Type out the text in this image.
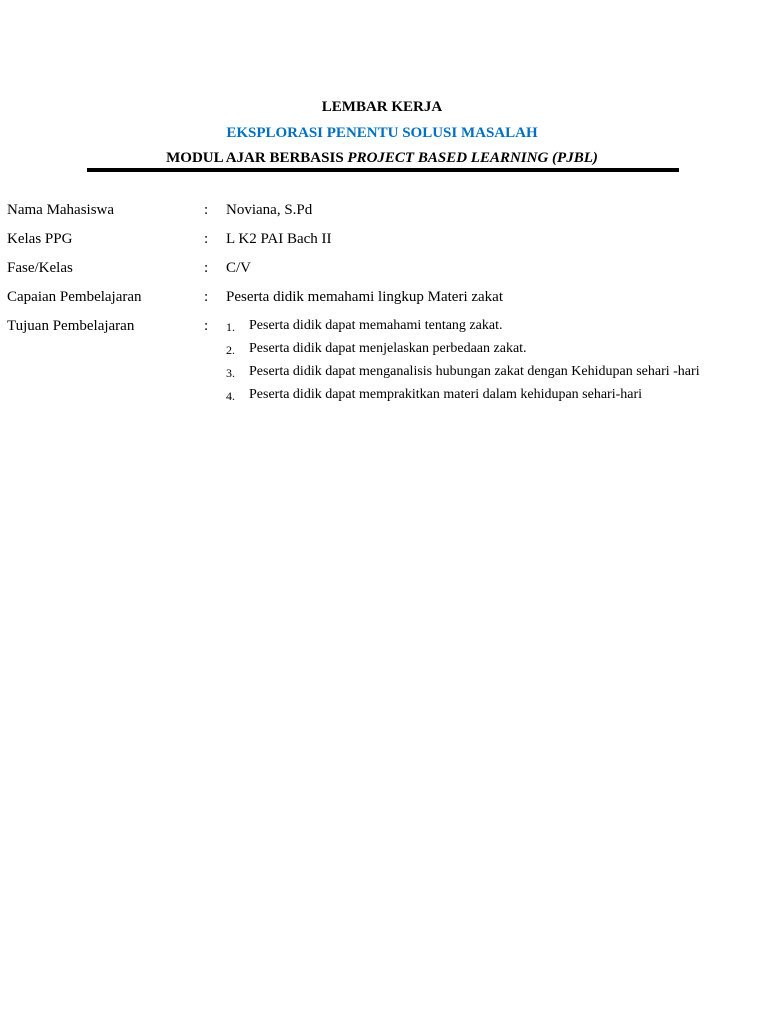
LEMBAR KERJA
EKSPLORASI PENENTU SOLUSI MASALAH
MODUL AJAR BERBASIS PROJECT BASED LEARNING (PJBL)
Nama Mahasiswa	: Noviana, S.Pd
Kelas PPG	: L K2 PAI Bach II
Fase/Kelas	: C/V
Capaian Pembelajaran	: Peserta didik memahami lingkup Materi zakat
Tujuan Pembelajaran	: 1. Peserta didik dapat memahami tentang zakat.
2. Peserta didik dapat menjelaskan perbedaan zakat.
3. Peserta didik dapat menganalisis hubungan zakat dengan Kehidupan sehari -hari
4. Peserta didik dapat memprakitkan materi dalam kehidupan sehari-hari
